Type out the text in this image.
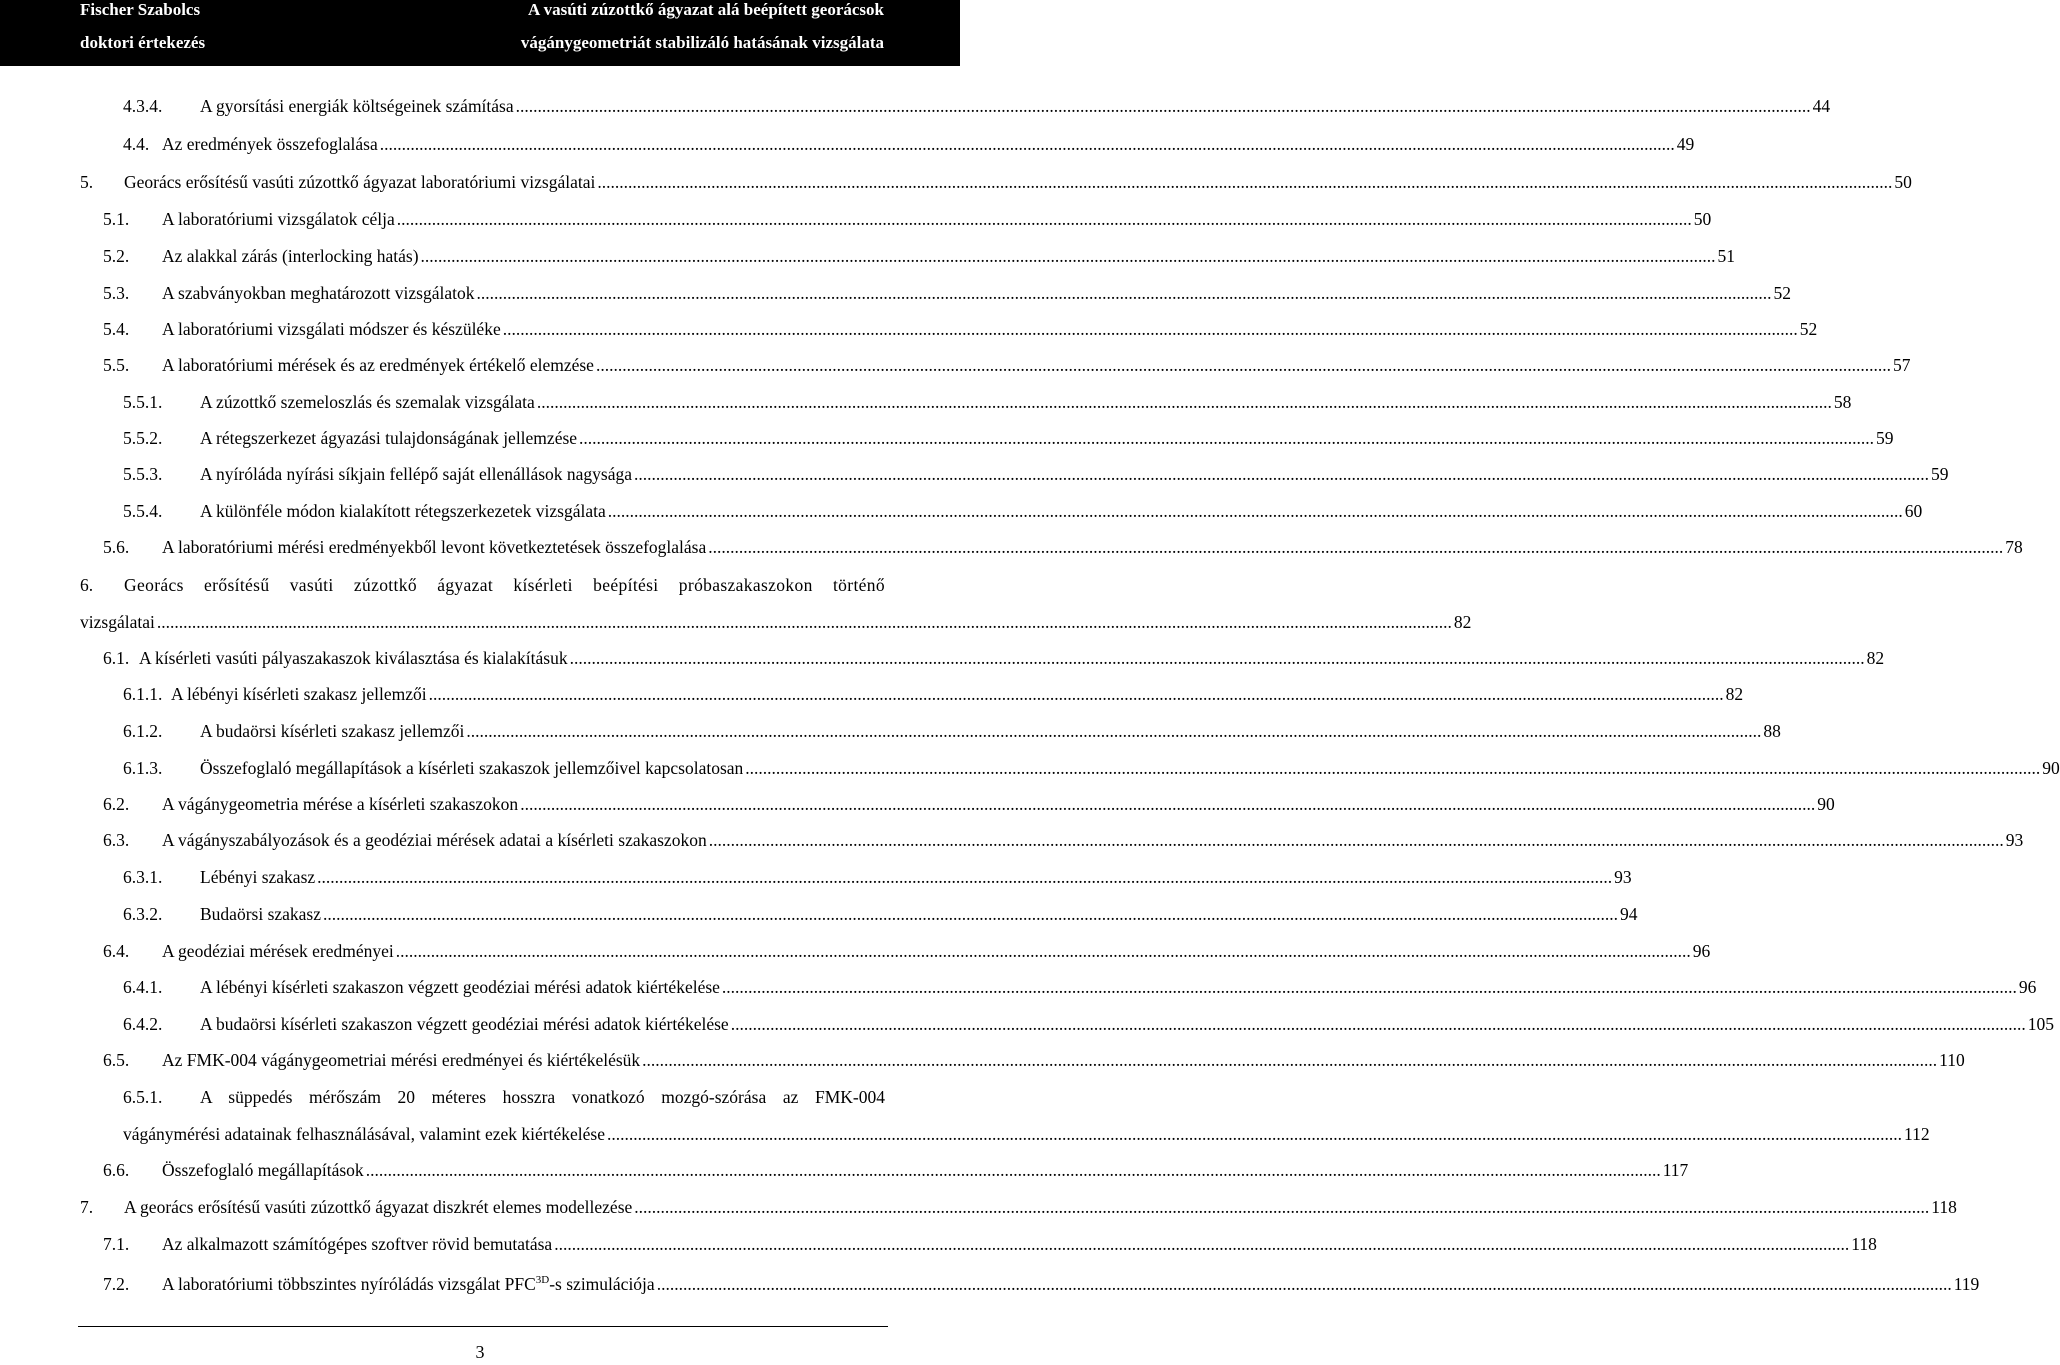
Fischer Szabolcs
doktori értekezés
A vasúti zúzottkő ágyazat alá beépített georácsok
vágánygeometriát stabilizáló hatásának vizsgálata
4.3.4.	A gyorsítási energiák költségeinek számítása .....	44
4.4. Az eredmények összefoglalása .....	49
5.	Georács erősítésű vasúti zúzottkő ágyazat laboratóriumi vizsgálatai .....	50
5.1.	A laboratóriumi vizsgálatok célja .....	50
5.2.	Az alakkal zárás (interlocking hatás) .....	51
5.3.	A szabványokban meghatározott vizsgálatok .....	52
5.4.	A laboratóriumi vizsgálati módszer és készüléke .....	52
5.5.	A laboratóriumi mérések és az eredmények értékelő elemzése .....	57
5.5.1.	A zúzottkő szemeloszlás és szemalak vizsgálata .....	58
5.5.2.	A rétegszerkezet ágyazási tulajdonságának jellemzése .....	59
5.5.3.	A nyíróláda nyírási síkjain fellépő saját ellenállások nagysága .....	59
5.5.4.	A különféle módon kialakított rétegszerkezetek vizsgálata .....	60
5.6.	A laboratóriumi mérési eredményekből levont következtetések összefoglalása .....	78
6.	Georács erősítésű vasúti zúzottkő ágyazat kísérleti beépítési próbaszakaszokon történő
vizsgálatai .....	82
6.1. A kísérleti vasúti pályaszakaszok kiválasztása és kialakításuk .....	82
6.1.1. A lébényi kísérleti szakasz jellemzői .....	82
6.1.2.	A budaörsi kísérleti szakasz jellemzői .....	88
6.1.3.	Összefoglaló megállapítások a kísérleti szakaszok jellemzőivel kapcsolatosan .....	90
6.2.	A vágánygeometria mérése a kísérleti szakaszokon .....	90
6.3.	A vágányszabályozások és a geodéziai mérések adatai a kísérleti szakaszokon .....	93
6.3.1.	Lébényi szakasz .....	93
6.3.2.	Budaörsi szakasz .....	94
6.4.	A geodéziai mérések eredményei .....	96
6.4.1.	A lébényi kísérleti szakaszon végzett geodéziai mérési adatok kiértékelése .....	96
6.4.2.	A budaörsi kísérleti szakaszon végzett geodéziai mérési adatok kiértékelése .....	105
6.5.	Az FMK-004 vágánygeometriai mérési eredményei és kiértékelésük .....	110
6.5.1.	A süppedés mérőszám 20 méteres hosszra vonatkozó mozgó-szórása az FMK-004
vágánymérési adatainak felhasználásával, valamint ezek kiértékelése .....	112
6.6.	Összefoglaló megállapítások .....	117
7.	A georács erősítésű vasúti zúzottkő ágyazat diszkrét elemes modellezése .....	118
7.1.	Az alkalmazott számítógépes szoftver rövid bemutatása .....	118
7.2.	A laboratóriumi többszintes nyíróládás vizsgálat $PFC^{3D}-s$ szimulációja .....	119
3
